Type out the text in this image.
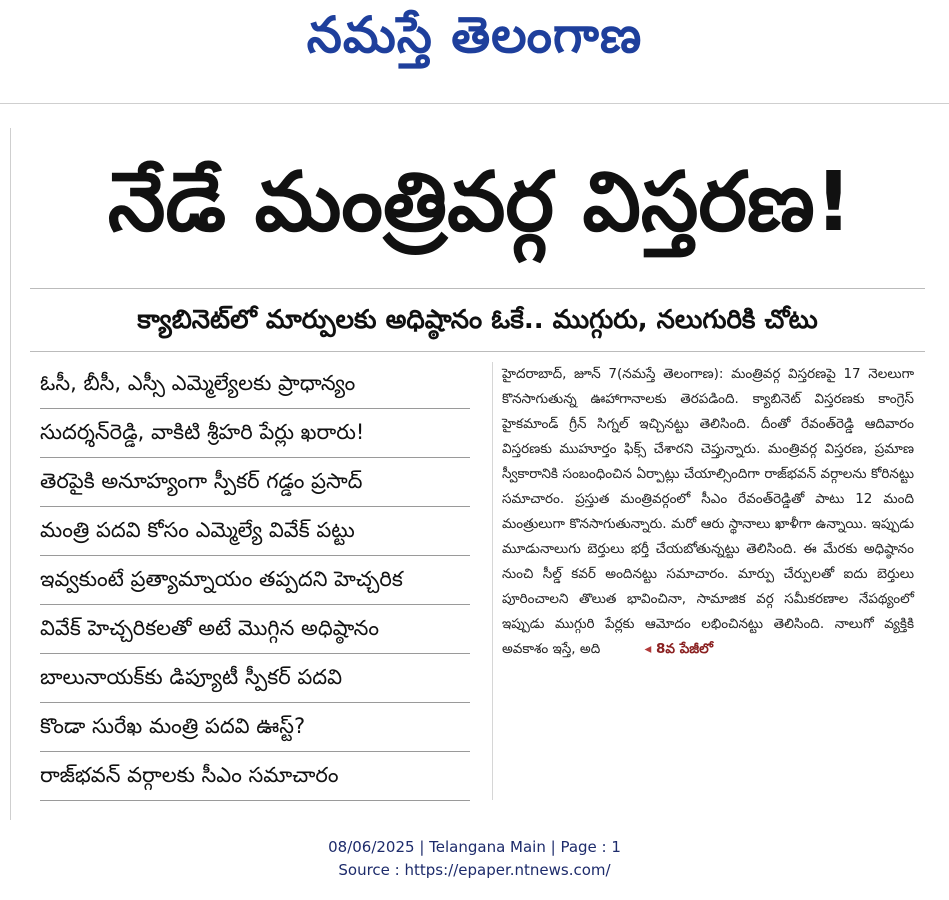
నమస్తే తెలంగాణ
నేడే మంత్రివర్గ విస్తరణ!
క్యాబినెట్‌లో మార్పులకు అధిష్ఠానం ఓకే.. ముగ్గురు, నలుగురికి చోటు
ఓసీ, బీసీ, ఎస్సీ ఎమ్మెల్యేలకు ప్రాధాన్యం
సుదర్శన్‌రెడ్డి, వాకిటి శ్రీహరి పేర్లు ఖరారు!
తెరపైకి అనూహ్యంగా స్పీకర్ గడ్డం ప్రసాద్
మంత్రి పదవి కోసం ఎమ్మెల్యే వివేక్ పట్టు
ఇవ్వకుంటే ప్రత్యామ్నాయం తప్పదని హెచ్చరిక
వివేక్ హెచ్చరికలతో అటే మొగ్గిన అధిష్ఠానం
బాలునాయక్‌కు డిప్యూటీ స్పీకర్ పదవి
కొండా సురేఖ మంత్రి పదవి ఊస్ట్?
రాజ్‌భవన్ వర్గాలకు సీఎం సమాచారం

హైదరాబాద్, జూన్ 7(నమస్తే తెలంగాణ): మంత్రివర్గ విస్తరణపై 17 నెలలుగా కొనసాగుతున్న ఊహాగానాలకు తెరపడింది. క్యాబినెట్ విస్తరణకు కాంగ్రెస్ హైకమాండ్ గ్రీన్ సిగ్నల్ ఇచ్చినట్టు తెలిసింది. దీంతో రేవంత్‌రెడ్డి ఆదివారం విస్తరణకు ముహూర్తం ఫిక్స్ చేశారని చెప్తున్నారు. మంత్రివర్గ విస్తరణ, ప్రమాణ స్వీకారానికి సంబంధించిన ఏర్పాట్లు చేయాల్సిందిగా రాజ్‌భవన్ వర్గాలను కోరినట్టు సమాచారం. ప్రస్తుత మంత్రివర్గంలో సీఎం రేవంత్‌రెడ్డితో పాటు 12 మంది మంత్రులుగా కొనసాగుతున్నారు. మరో ఆరు స్థానాలు ఖాళీగా ఉన్నాయి. ఇప్పుడు మూడునాలుగు బెర్తులు భర్తీ చేయబోతున్నట్టు తెలిసింది. ఈ మేరకు అధిష్ఠానం నుంచి సీల్డ్ కవర్ అందినట్టు సమాచారం. మార్పు చేర్పులతో ఐదు బెర్తులు పూరించాలని తొలుత భావించినా, సామాజిక వర్గ సమీకరణాల నేపథ్యంలో ఇప్పుడు ముగ్గురి పేర్లకు ఆమోదం లభించినట్టు తెలిసింది. నాలుగో వ్యక్తికి అవకాశం ఇస్తే, అది	◂ 8వ పేజీలో

08/06/2025 | Telangana Main | Page : 1
Source : https://epaper.ntnews.com/
